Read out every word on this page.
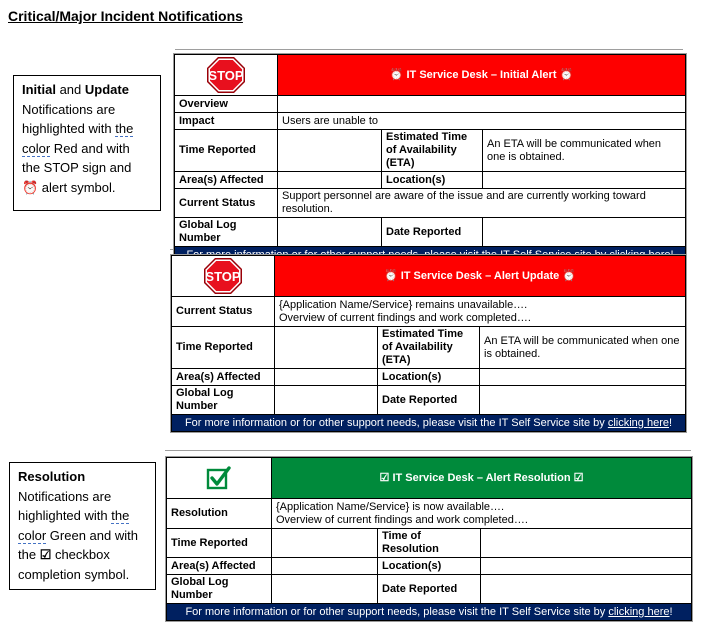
Critical/Major Incident Notifications
Initial and Update
Notifications are
highlighted with the
color Red and with
the STOP sign and
⏰ alert symbol.
Resolution
Notifications are
highlighted with the
color Green and with
the ☑ checkbox
completion symbol.
STOP	⏰ IT Service Desk – Initial Alert ⏰		
Overview			
Impact	Users are unable to		
Time Reported		Estimated Time of Availability (ETA)	An ETA will be communicated when one is obtained.
Area(s) Affected		Location(s)	
Current Status	Support personnel are aware of the issue and are currently working toward resolution.		
Global Log Number		Date Reported	

STOP	⏰ IT Service Desk – Alert Update ⏰		
Current Status	{Application Name/Service} remains unavailable….
Overview of current findings and work completed….		

Time Reported		Estimated Time of Availability (ETA)	An ETA will be communicated when one is obtained.
Area(s) Affected		Location(s)	
Global Log Number		Date Reported	
For more information or for other support needs, please visit the IT Self Service site by clicking here!			
	☑ IT Service Desk – Alert Resolution ☑		
Resolution	{Application Name/Service} is now available….
Overview of current findings and work completed….		

Time Reported		Time of Resolution	
Area(s) Affected		Location(s)	
Global Log Number		Date Reported	
For more information or for other support needs, please visit the IT Self Service site by clicking here!			
